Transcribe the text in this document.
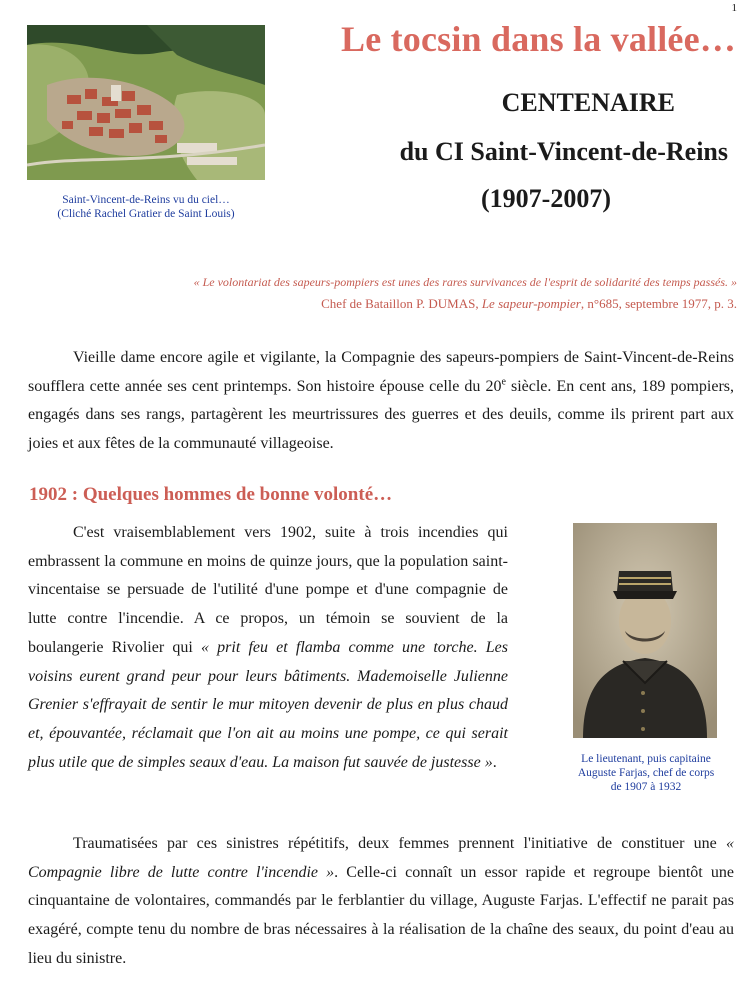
1
Saint-Vincent-de-Reins vu du ciel…
(Cliché Rachel Gratier de Saint Louis)
Le tocsin dans la vallée…
CENTENAIRE
du CI Saint-Vincent-de-Reins
(1907-2007)
« Le volontariat des sapeurs-pompiers est unes des rares survivances de l'esprit de solidarité des temps passés. »
Chef de Bataillon P. DUMAS, Le sapeur-pompier, n°685, septembre 1977, p. 3.
Vieille dame encore agile et vigilante, la Compagnie des sapeurs-pompiers de Saint-Vincent-de-Reins soufflera cette année ses cent printemps. Son histoire épouse celle du 20e siècle. En cent ans, 189 pompiers, engagés dans ses rangs, partagèrent les meurtrissures des guerres et des deuils, comme ils prirent part aux joies et aux fêtes de la communauté villageoise.
1902 : Quelques hommes de bonne volonté…
C'est vraisemblablement vers 1902, suite à trois incendies qui embrassent la commune en moins de quinze jours, que la population saint-vincentaise se persuade de l'utilité d'une pompe et d'une compagnie de lutte contre l'incendie. A ce propos, un témoin se souvient de la boulangerie Rivolier qui « prit feu et flamba comme une torche. Les voisins eurent grand peur pour leurs bâtiments. Mademoiselle Julienne Grenier s'effrayait de sentir le mur mitoyen devenir de plus en plus chaud et, épouvantée, réclamait que l'on ait au moins une pompe, ce qui serait plus utile que de simples seaux d'eau. La maison fut sauvée de justesse ».	Le lieutenant, puis capitaine
Auguste Farjas, chef de corps
de 1907 à 1932
Traumatisées par ces sinistres répétitifs, deux femmes prennent l'initiative de constituer une « Compagnie libre de lutte contre l'incendie ». Celle-ci connaît un essor rapide et regroupe bientôt une cinquantaine de volontaires, commandés par le ferblantier du village, Auguste Farjas. L'effectif ne parait pas exagéré, compte tenu du nombre de bras nécessaires à la réalisation de la chaîne des seaux, du point d'eau au lieu du sinistre.
